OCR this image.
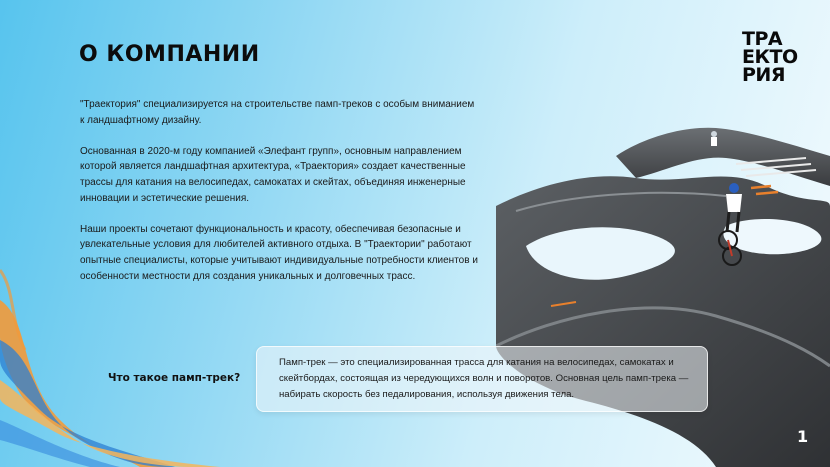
О КОМПАНИИ
ТРА
ЕКТО
РИЯ

"Траектория" специализируется на строительстве памп-треков с особым вниманием к ландшафтному дизайну.

Основанная в 2020-м году компанией «Элефант групп», основным направлением которой является ландшафтная архитектура, «Траектория» создает качественные трассы для катания на велосипедах, самокатах и скейтах, объединяя инженерные инновации и эстетические решения.

Наши проекты сочетают функциональность и красоту, обеспечивая безопасные и увлекательные условия для любителей активного отдыха. В "Траектории" работают опытные специалисты, которые учитывают индивидуальные потребности клиентов и особенности местности для создания уникальных и долговечных трасс.

Что такое памп-трек?
Памп-трек — это специализированная трасса для катания на велосипедах, самокатах и скейтбордах, состоящая из чередующихся волн и поворотов. Основная цель памп-трека — набирать скорость без педалирования, используя движения тела.
1
